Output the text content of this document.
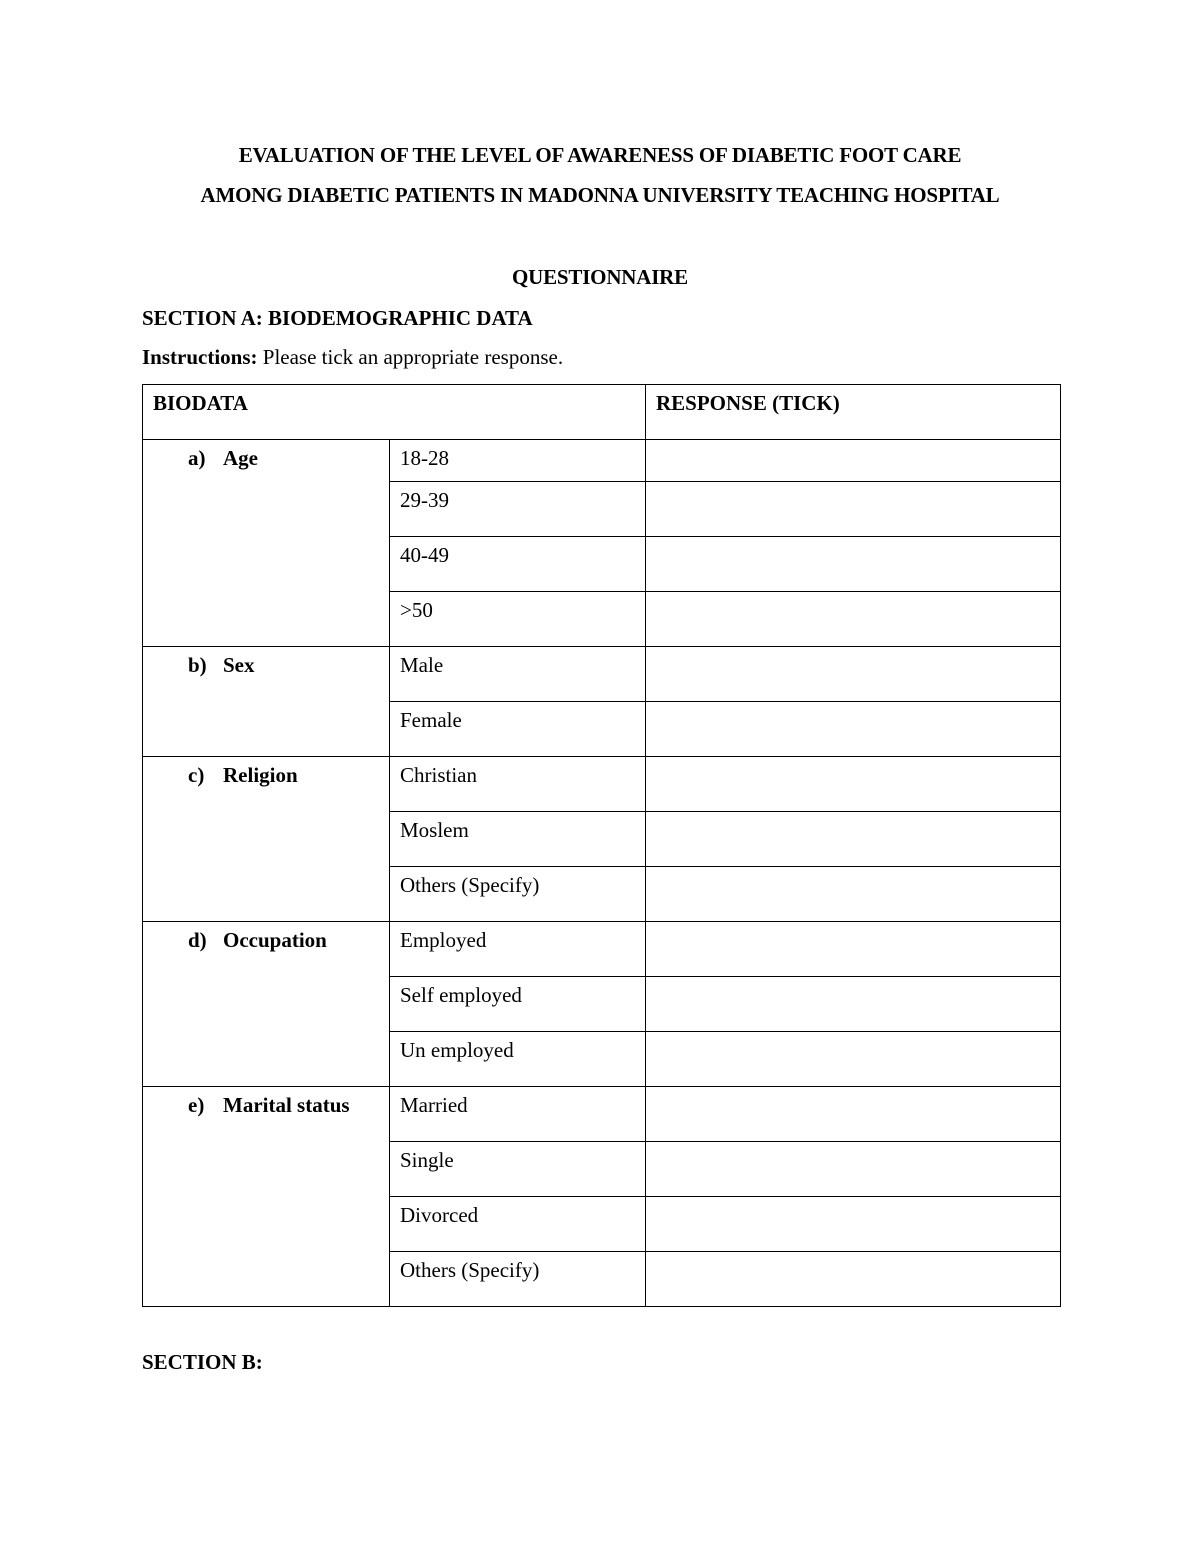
EVALUATION OF THE LEVEL OF AWARENESS OF DIABETIC FOOT CARE
AMONG DIABETIC PATIENTS IN MADONNA UNIVERSITY TEACHING HOSPITAL
QUESTIONNAIRE
SECTION A: BIODEMOGRAPHIC DATA
Instructions: Please tick an appropriate response.
BIODATA		RESPONSE (TICK)
a) Age	18-28	
	29-39	
	40-49	
	>50	
b) Sex	Male	
	Female	
c) Religion	Christian	
	Moslem	
	Others (Specify)	
d) Occupation	Employed	
	Self employed	
	Un employed	
e) Marital status	Married	
	Single	
	Divorced	
	Others (Specify)	
SECTION B:
